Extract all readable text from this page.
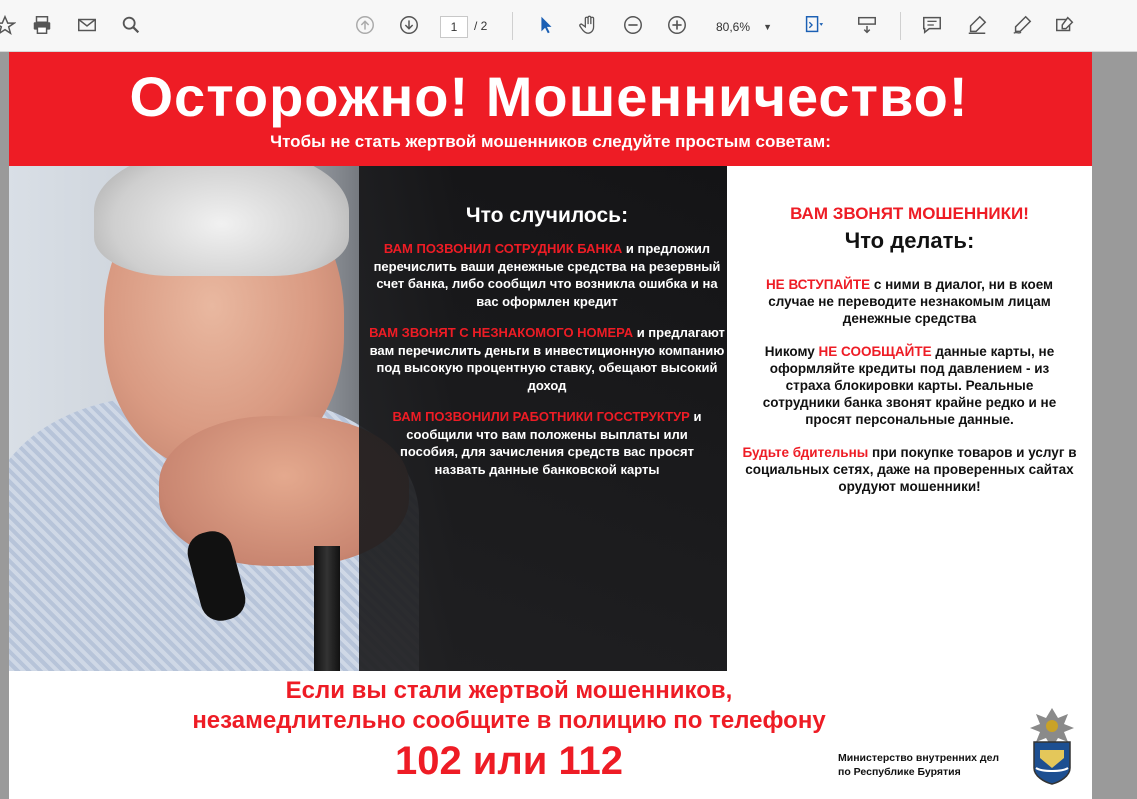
1	/ 2	80,6% ▼
Осторожно! Мошенничество!
Чтобы не стать жертвой мошенников следуйте простым советам:
Что случилось:
ВАМ ПОЗВОНИЛ СОТРУДНИК БАНКА и предложил перечислить ваши денежные средства на резервный счет банка, либо сообщил что возникла ошибка и на вас оформлен кредит
ВАМ ЗВОНЯТ С НЕЗНАКОМОГО НОМЕРА и предлагают вам перечислить деньги в инвестиционную компанию под высокую процентную ставку, обещают высокий доход
ВАМ ПОЗВОНИЛИ РАБОТНИКИ ГОССТРУКТУР и сообщили что вам положены выплаты или пособия, для зачисления средств вас просят назвать данные банковской карты
ВАМ ЗВОНЯТ МОШЕННИКИ!
Что делать:
НЕ ВСТУПАЙТЕ с ними в диалог, ни в коем случае не переводите незнакомым лицам денежные средства
Никому НЕ СООБЩАЙТЕ данные карты, не оформляйте кредиты под давлением - из страха блокировки карты. Реальные сотрудники банка звонят крайне редко и не просят персональные данные.
Будьте бдительны при покупке товаров и услуг в социальных сетях, даже на проверенных сайтах орудуют мошенники!
Если вы стали жертвой мошенников,
незамедлительно сообщите в полицию по телефону
102 или 112	Министерство внутренних дел
по Республике Бурятия
